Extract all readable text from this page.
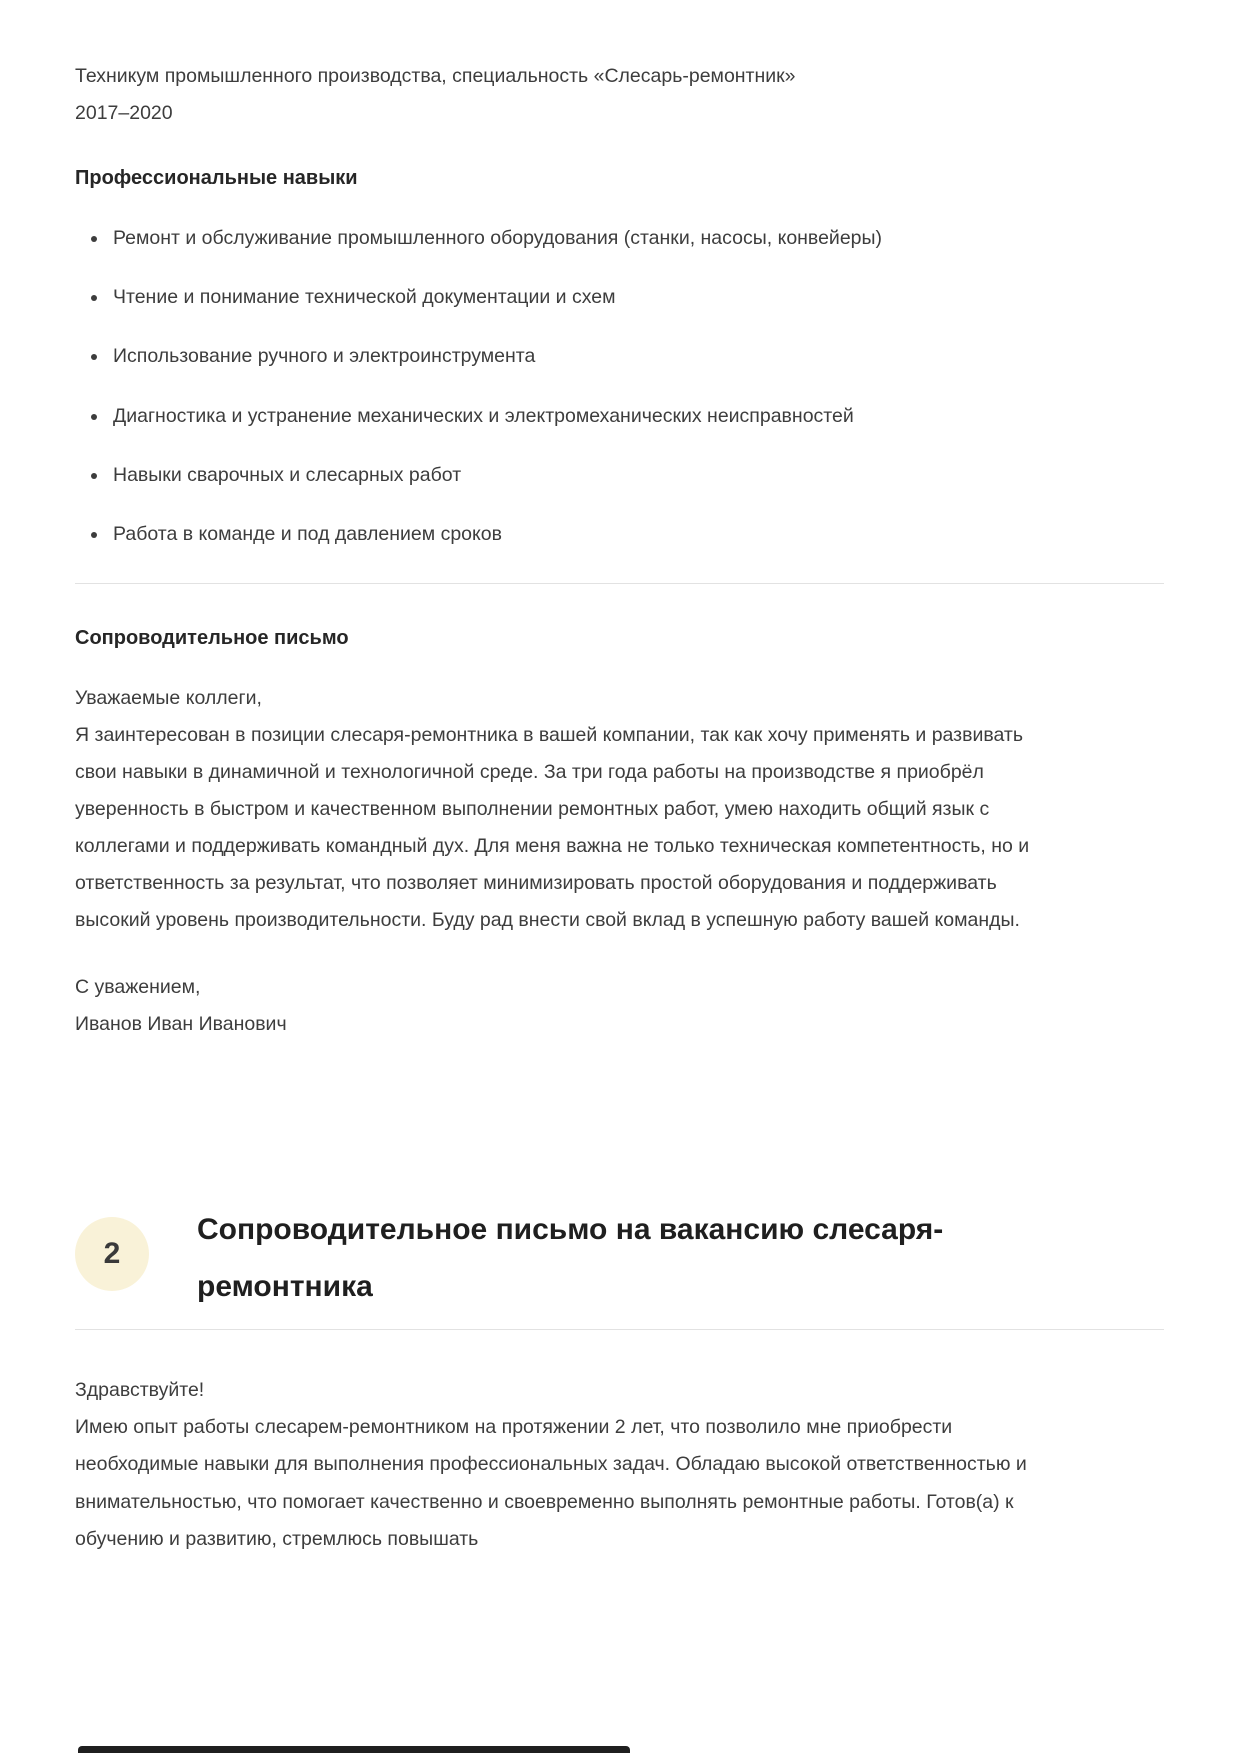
Техникум промышленного производства, специальность «Слесарь-ремонтник»
2017–2020
Профессиональные навыки
• Ремонт и обслуживание промышленного оборудования (станки, насосы, конвейеры)
• Чтение и понимание технической документации и схем
• Использование ручного и электроинструмента
• Диагностика и устранение механических и электромеханических неисправностей
• Навыки сварочных и слесарных работ
• Работа в команде и под давлением сроков
Сопроводительное письмо
Уважаемые коллеги,
Я заинтересован в позиции слесаря-ремонтника в вашей компании, так как хочу применять и развивать свои навыки в динамичной и технологичной среде. За три года работы на производстве я приобрёл уверенность в быстром и качественном выполнении ремонтных работ, умею находить общий язык с коллегами и поддерживать командный дух. Для меня важна не только техническая компетентность, но и ответственность за результат, что позволяет минимизировать простой оборудования и поддерживать высокий уровень производительности. Буду рад внести свой вклад в успешную работу вашей команды.
С уважением,
Иванов Иван Иванович
2
Сопроводительное письмо на вакансию слесаря-ремонтника
Здравствуйте!
Имею опыт работы слесарем-ремонтником на протяжении 2 лет, что позволило мне приобрести необходимые навыки для выполнения профессиональных задач. Обладаю высокой ответственностью и внимательностью, что помогает качественно и своевременно выполнять ремонтные работы. Готов(а) к обучению и развитию, стремлюсь повышать
